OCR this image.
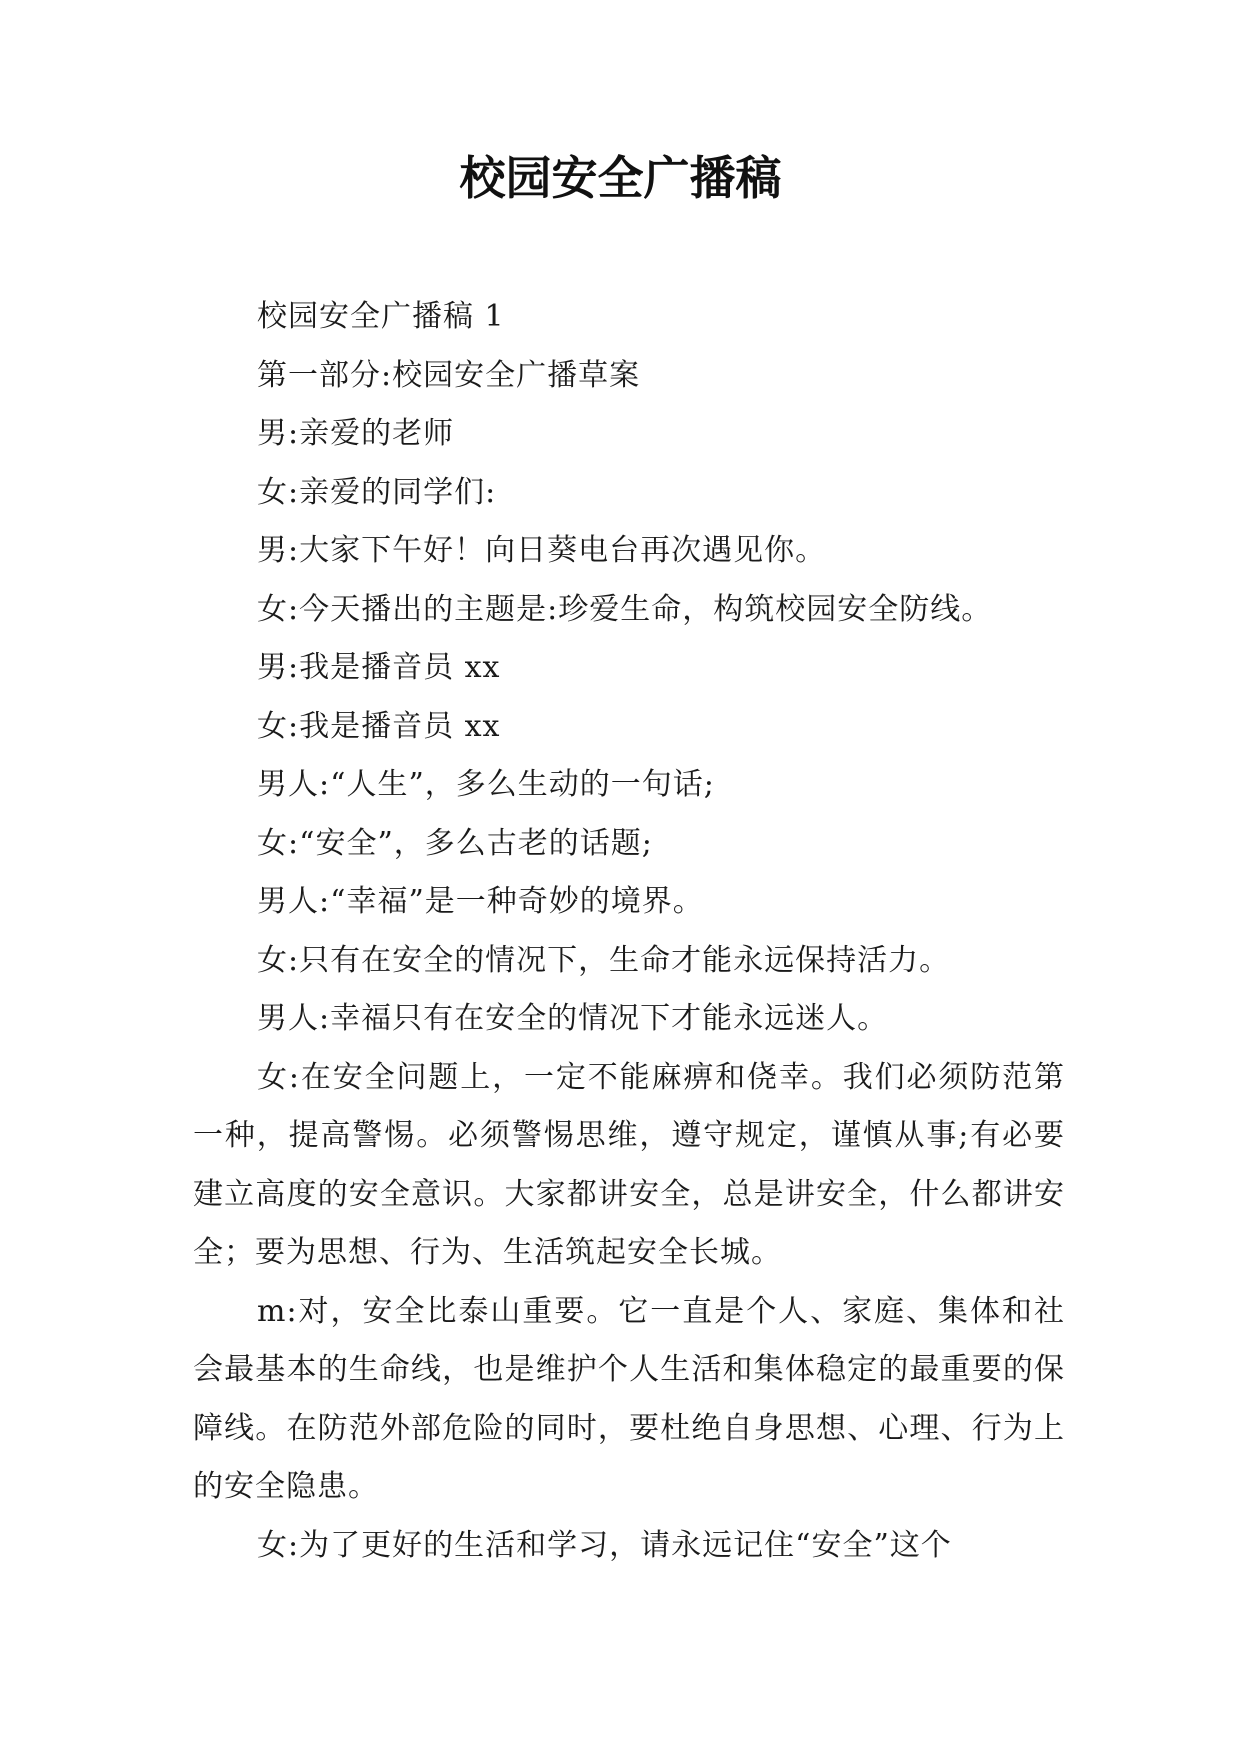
校园安全广播稿

校园安全广播稿 1

第一部分:校园安全广播草案

男:亲爱的老师

女:亲爱的同学们:

男:大家下午好！向日葵电台再次遇见你。

女:今天播出的主题是:珍爱生命，构筑校园安全防线。

男:我是播音员 xx

女:我是播音员 xx

男人:“人生”，多么生动的一句话;

女:“安全”，多么古老的话题;

男人:“幸福”是一种奇妙的境界。

女:只有在安全的情况下，生命才能永远保持活力。

男人:幸福只有在安全的情况下才能永远迷人。

女:在安全问题上，一定不能麻痹和侥幸。我们必须防范第一种，提高警惕。必须警惕思维，遵守规定，谨慎从事;有必要建立高度的安全意识。大家都讲安全，总是讲安全，什么都讲安全；要为思想、行为、生活筑起安全长城。

m:对，安全比泰山重要。它一直是个人、家庭、集体和社会最基本的生命线，也是维护个人生活和集体稳定的最重要的保障线。在防范外部危险的同时，要杜绝自身思想、心理、行为上的安全隐患。

女:为了更好的生活和学习，请永远记住“安全”这个
